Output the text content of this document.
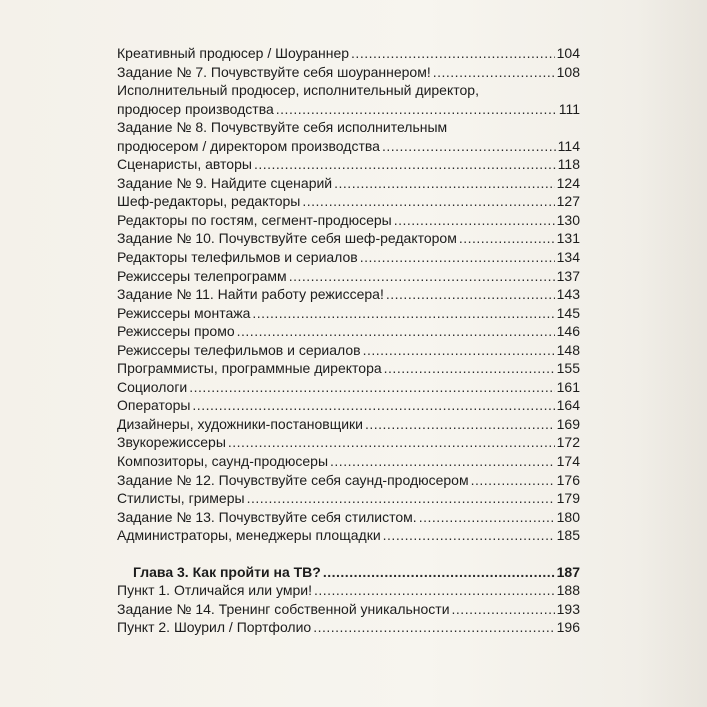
Креативный продюсер / Шоураннер .....	104
Задание № 7. Почувствуйте себя шоураннером! .....	108
Исполнительный продюсер, исполнительный директор,
продюсер производства .....	111
Задание № 8. Почувствуйте себя исполнительным
продюсером / директором производства .....	114
Сценаристы, авторы .....	118
Задание № 9. Найдите сценарий .....	124
Шеф-редакторы, редакторы .....	127
Редакторы по гостям, сегмент-продюсеры .....	130
Задание № 10. Почувствуйте себя шеф-редактором .....	131
Редакторы телефильмов и сериалов .....	134
Режиссеры телепрограмм .....	137
Задание № 11. Найти работу режиссера! .....	143
Режиссеры монтажа .....	145
Режиссеры промо .....	146
Режиссеры телефильмов и сериалов .....	148
Программисты, программные директора .....	155
Социологи .....	161
Операторы .....	164
Дизайнеры, художники-постановщики .....	169
Звукорежиссеры .....	172
Композиторы, саунд-продюсеры .....	174
Задание № 12. Почувствуйте себя саунд-продюсером .....	176
Стилисты, гримеры .....	179
Задание № 13. Почувствуйте себя стилистом. .....	180
Администраторы, менеджеры площадки .....	185
Глава 3. Как пройти на ТВ? .....	187
Пункт 1. Отличайся или умри! .....	188
Задание № 14. Тренинг собственной уникальности .....	193
Пункт 2. Шоурил / Портфолио .....	196
